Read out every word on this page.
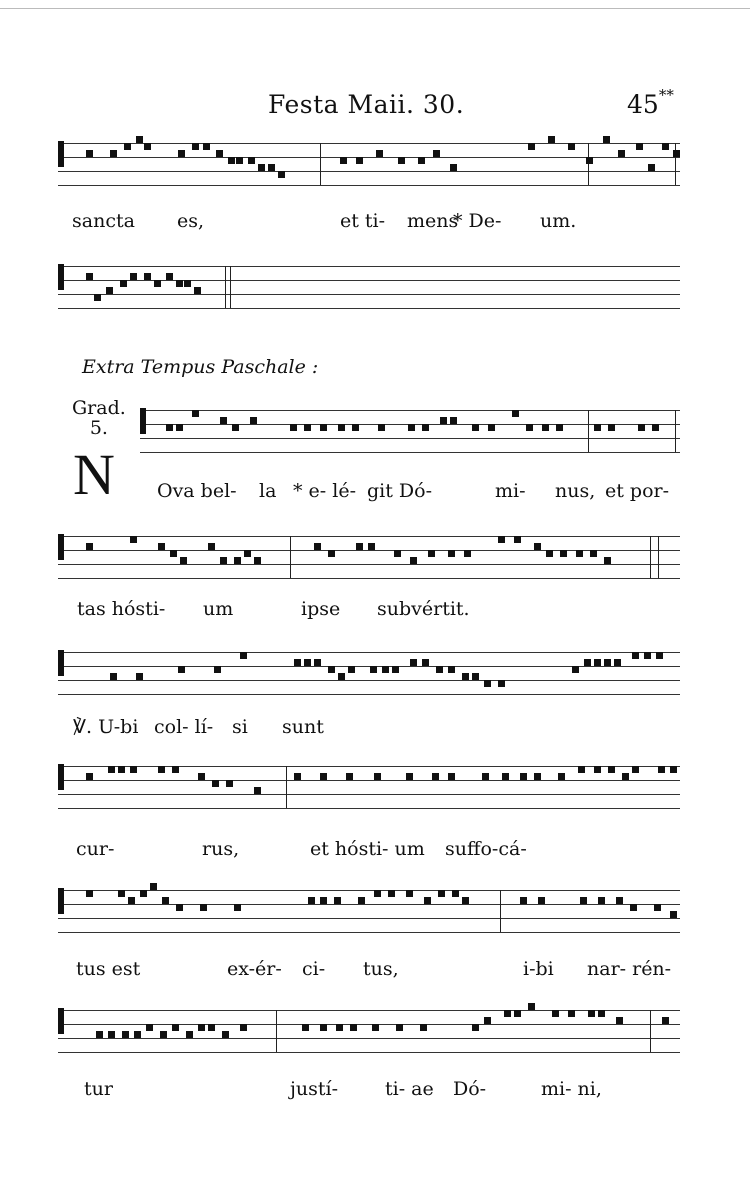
Festa Maii. 30.	45**
sancta es,	et ti- mens
* De- um.
Extra Tempus Paschale :
Grad.
5.
N Ova bel- la * e- lé- git Dó-	mi- nus, et por-
tas hósti- um	ipse subvértit.
℣. U-bi col- lí- si sunt
cur-	rus,	et hósti- um suffo-cá-
tus est	ex-ér- ci- tus,	i-bi nar- rén-
tur	justí- ti- ae Dó-	mi- ni,
